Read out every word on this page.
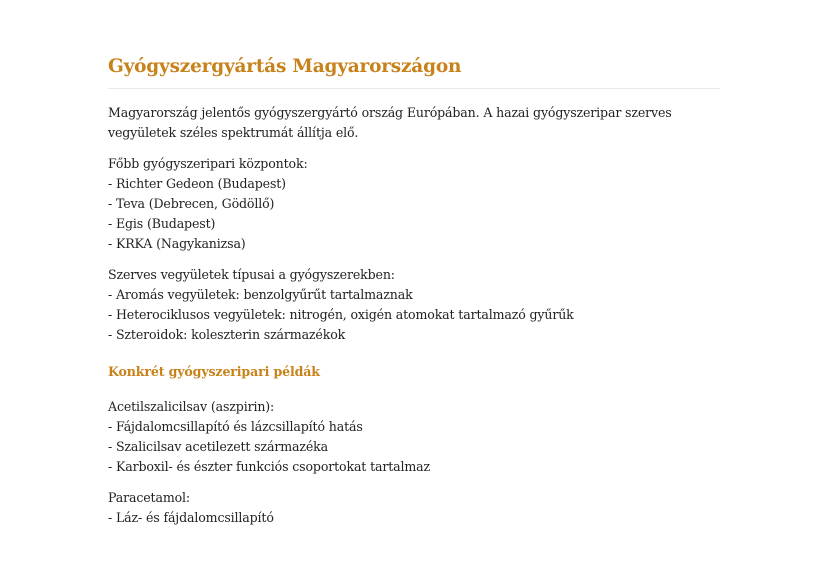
Gyógyszergyártás Magyarországon
Magyarország jelentős gyógyszergyártó ország Európában. A hazai gyógyszeripar szerves vegyületek széles spektrumát állítja elő.
Főbb gyógyszeripari központok:
- Richter Gedeon (Budapest)
- Teva (Debrecen, Gödöllő)
- Egis (Budapest)
- KRKA (Nagykanizsa)
Szerves vegyületek típusai a gyógyszerekben:
- Aromás vegyületek: benzolgyűrűt tartalmaznak
- Heterociklusos vegyületek: nitrogén, oxigén atomokat tartalmazó gyűrűk
- Szteroidok: koleszterin származékok
Konkrét gyógyszeripari példák
Acetilszalicilsav (aszpirin):
- Fájdalomcsillapító és lázcsillapító hatás
- Szalicilsav acetilezett származéka
- Karboxil- és észter funkciós csoportokat tartalmaz
Paracetamol:
- Láz- és fájdalomcsillapító
